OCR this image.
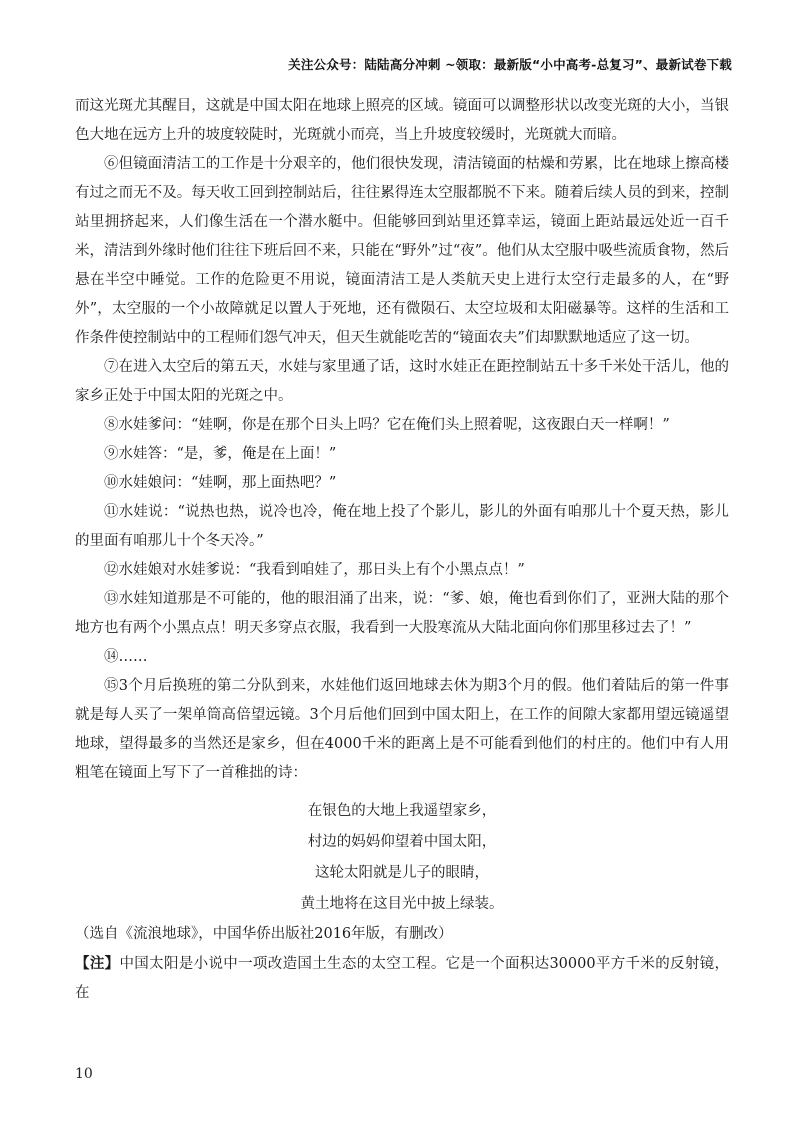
关注公众号：陆陆高分冲刺 ~领取：最新版“小中高考-总复习”、最新试卷下载

而这光斑尤其醒目，这就是中国太阳在地球上照亮的区域。镜面可以调整形状以改变光斑的大小，当银色大地在远方上升的坡度较陡时，光斑就小而亮，当上升坡度较缓时，光斑就大而暗。

⑥但镜面清洁工的工作是十分艰辛的，他们很快发现，清洁镜面的枯燥和劳累，比在地球上擦高楼有过之而无不及。每天收工回到控制站后，往往累得连太空服都脱不下来。随着后续人员的到来，控制站里拥挤起来，人们像生活在一个潜水艇中。但能够回到站里还算幸运，镜面上距站最远处近一百千米，清洁到外缘时他们往往下班后回不来，只能在“野外”过“夜”。他们从太空服中吸些流质食物，然后悬在半空中睡觉。工作的危险更不用说，镜面清洁工是人类航天史上进行太空行走最多的人，在“野外”，太空服的一个小故障就足以置人于死地，还有微陨石、太空垃圾和太阳磁暴等。这样的生活和工作条件使控制站中的工程师们怨气冲天，但天生就能吃苦的“镜面农夫”们却默默地适应了这一切。

⑦在进入太空后的第五天，水娃与家里通了话，这时水娃正在距控制站五十多千米处干活儿，他的家乡正处于中国太阳的光斑之中。

⑧水娃爹问：“娃啊，你是在那个日头上吗？它在俺们头上照着呢，这夜跟白天一样啊！”

⑨水娃答：“是，爹，俺是在上面！”

⑩水娃娘问：“娃啊，那上面热吧？”

⑪水娃说：“说热也热，说冷也冷，俺在地上投了个影儿，影儿的外面有咱那儿十个夏天热，影儿的里面有咱那儿十个冬天冷。”

⑫水娃娘对水娃爹说：“我看到咱娃了，那日头上有个小黑点点！”

⑬水娃知道那是不可能的，他的眼泪涌了出来，说：“爹、娘，俺也看到你们了，亚洲大陆的那个地方也有两个小黑点点！明天多穿点衣服，我看到一大股寒流从大陆北面向你们那里移过去了！”

⑭……

⑮3个月后换班的第二分队到来，水娃他们返回地球去休为期3个月的假。他们着陆后的第一件事就是每人买了一架单筒高倍望远镜。3个月后他们回到中国太阳上，在工作的间隙大家都用望远镜遥望地球，望得最多的当然还是家乡，但在4000千米的距离上是不可能看到他们的村庄的。他们中有人用粗笔在镜面上写下了一首稚拙的诗：

在银色的大地上我遥望家乡，
村边的妈妈仰望着中国太阳，
这轮太阳就是儿子的眼睛，
黄土地将在这目光中披上绿装。

（选自《流浪地球》，中国华侨出版社2016年版，有删改）

【注】中国太阳是小说中一项改造国土生态的太空工程。它是一个面积达30000平方千米的反射镜，在

10
